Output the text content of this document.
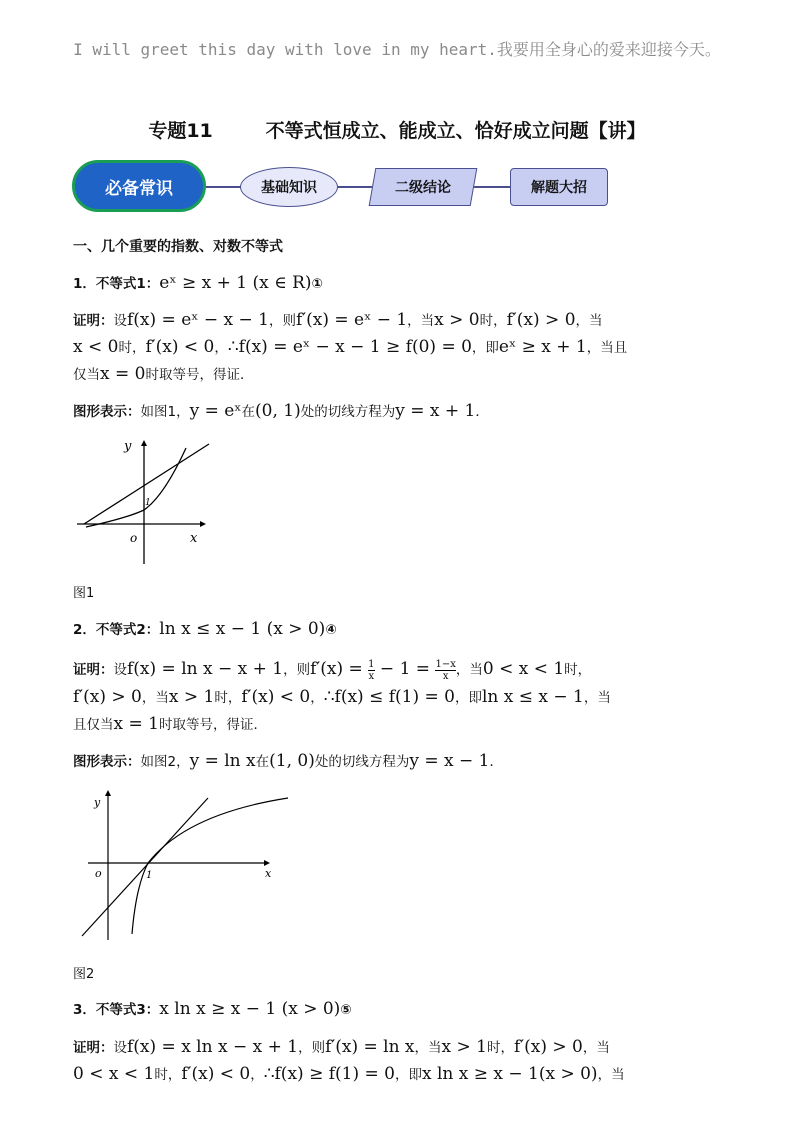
I will greet this day with love in my heart.我要用全身心的爱来迎接今天。
专题11        不等式恒成立、能成立、恰好成立问题【讲】
必备常识	基础知识	二级结论	解题大招
一、几个重要的指数、对数不等式
1．不等式1：eˣ ≥ x + 1 (x ∈ R)①
证明：设f(x) = eˣ − x − 1，则f′(x) = eˣ − 1，当x > 0时，f′(x) > 0，当
x < 0时，f′(x) < 0，∴f(x) = eˣ − x − 1 ≥ f(0) = 0，即eˣ ≥ x + 1，当且
仅当x = 0时取等号，得证．
图形表示：如图1，y = eˣ在(0, 1)处的切线方程为y = x + 1．
x
y
o
1
图1
2．不等式2：ln x ≤ x − 1 (x > 0)④
证明：设f(x) = ln x − x + 1，则$f'(x) = \frac{1}{x} - 1 = \frac{1-x}{x}$ ，当0 < x < 1时，
f′(x) > 0，当x > 1时，f′(x) < 0，∴f(x) ≤ f(1) = 0，即ln x ≤ x − 1，当
且仅当x = 1时取等号，得证．
图形表示：如图2，y = ln x在(1, 0)处的切线方程为y = x − 1．
x
y
o	1
图2
3．不等式3：x ln x ≥ x − 1 (x > 0)⑤
证明：设f(x) = x ln x − x + 1，则f′(x) = ln x，当x > 1时，f′(x) > 0，当
0 < x < 1时，f′(x) < 0，∴f(x) ≥ f(1) = 0，即x ln x ≥ x − 1(x > 0)，当
